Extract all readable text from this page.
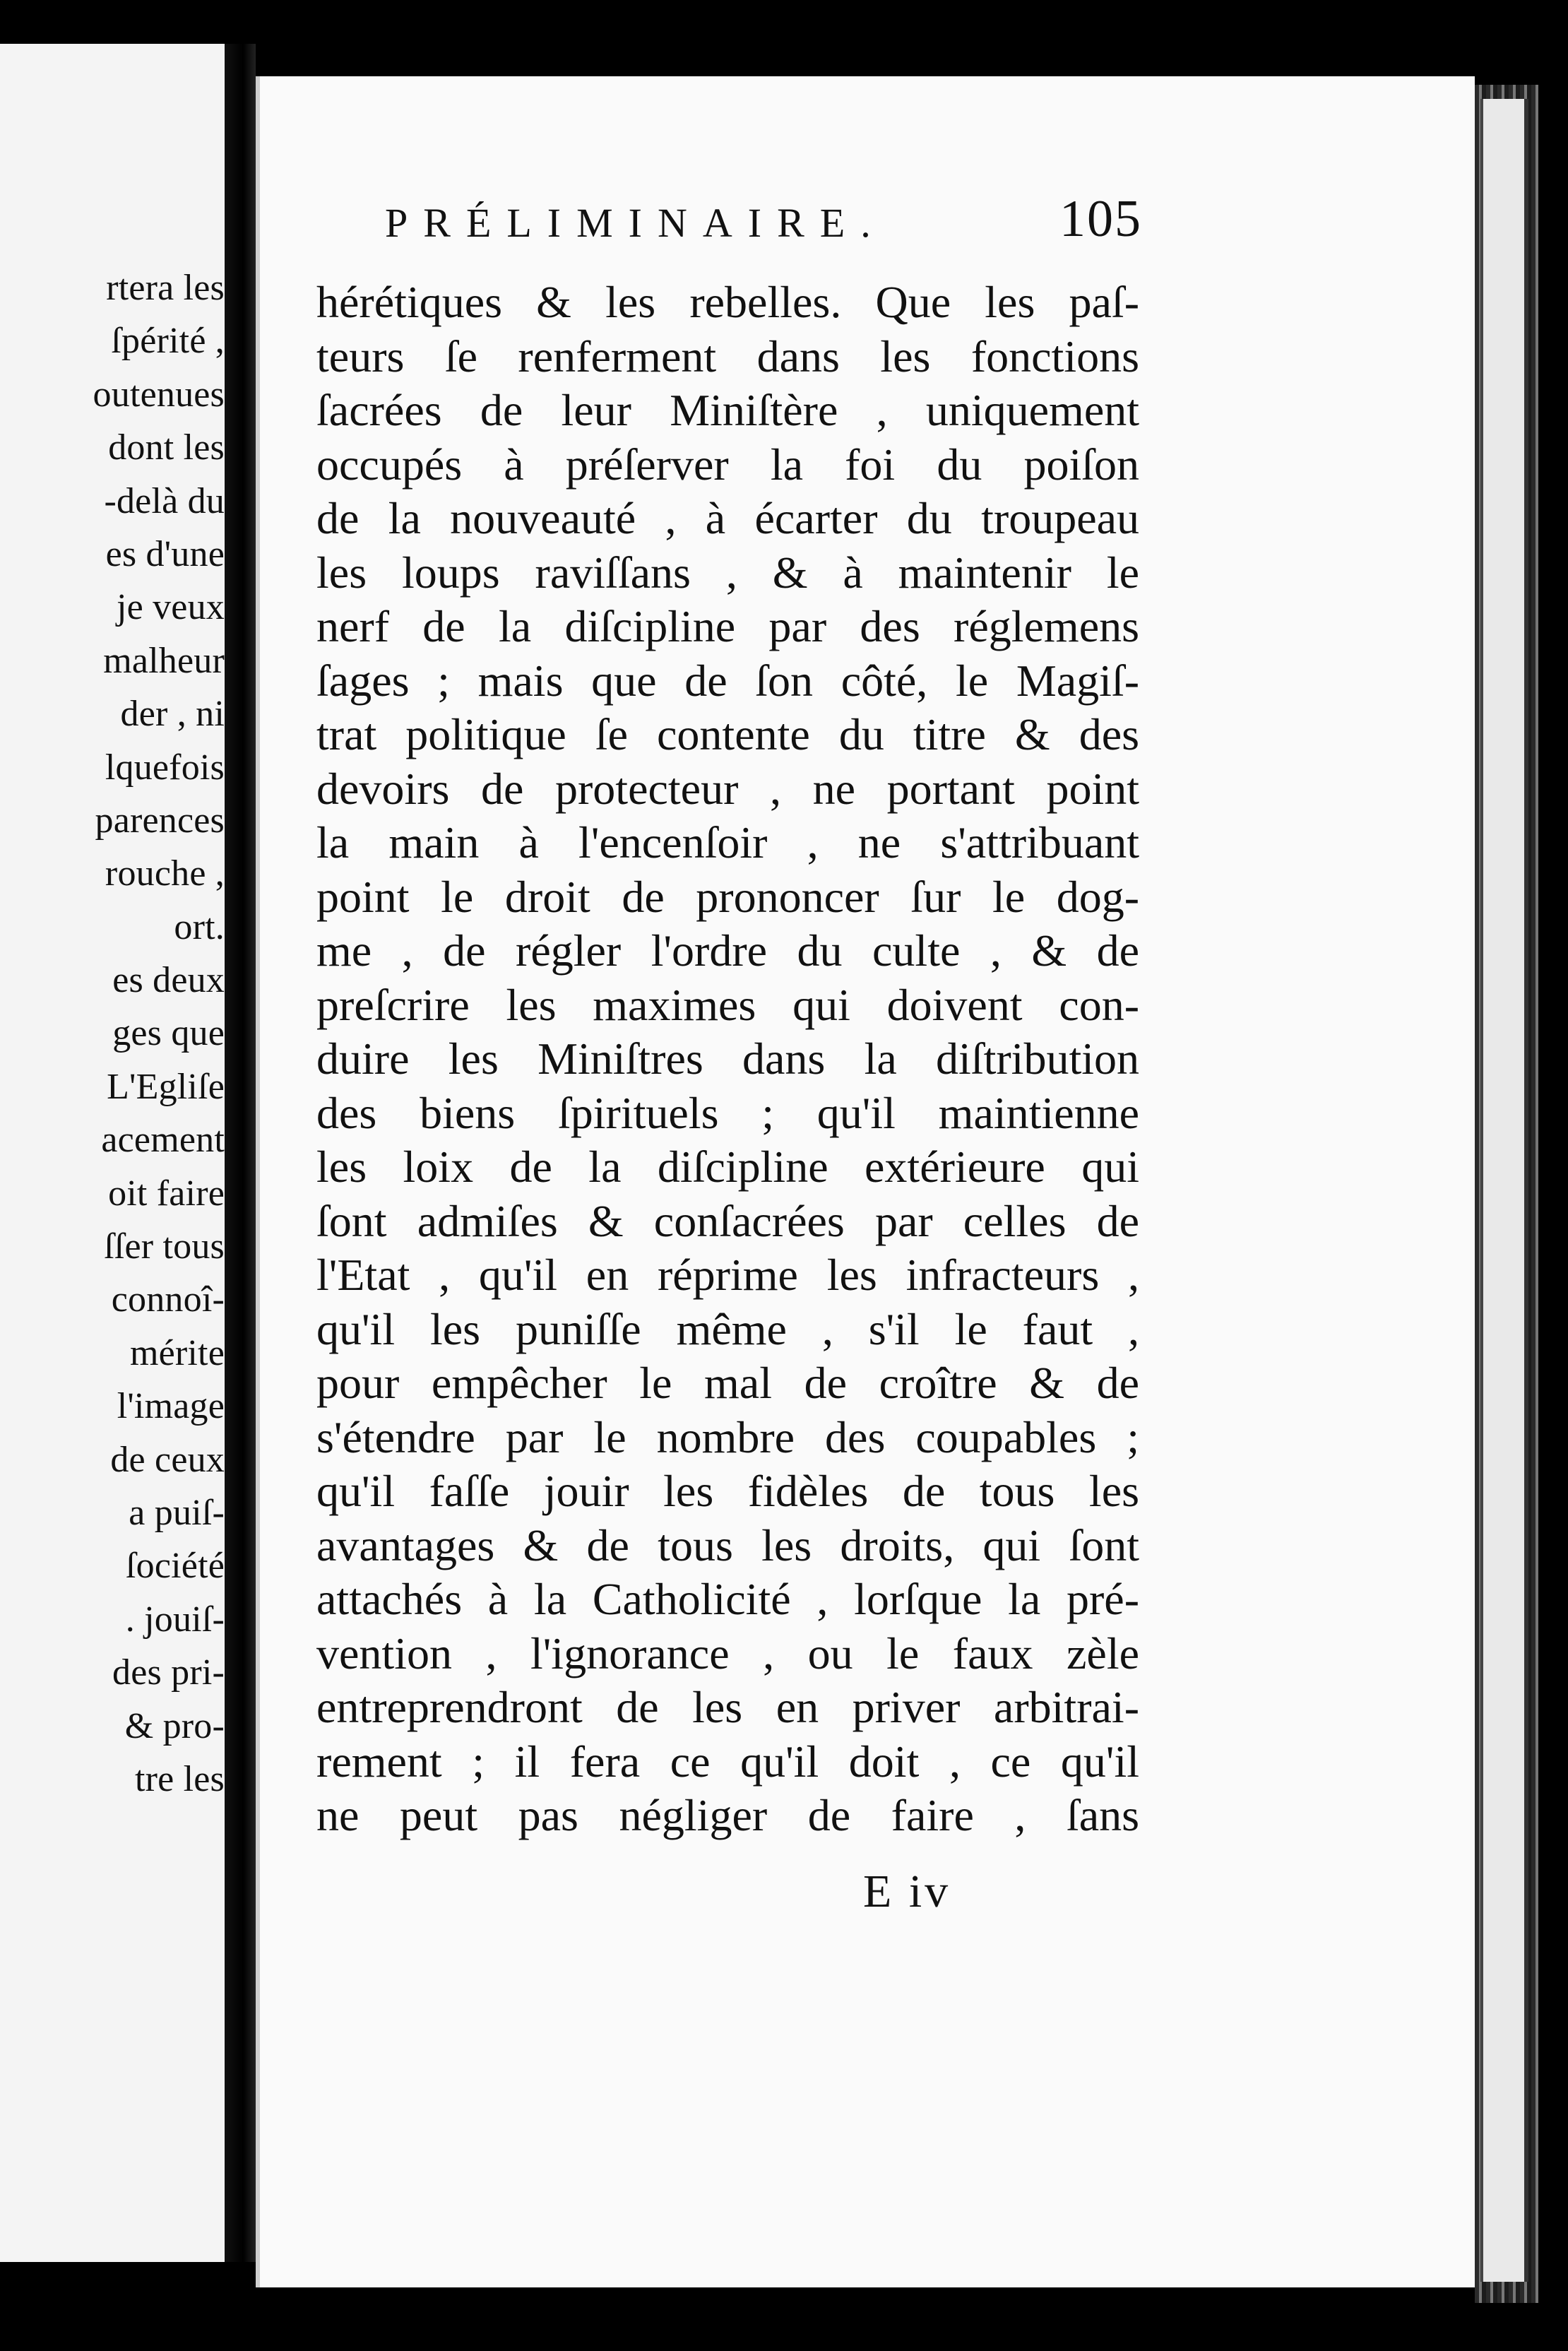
rtera les
ſpérité ,
outenues
dont les
-delà du
es d'une
je veux
malheur
der , ni
lquefois
parences
rouche ,
ort.
es deux
ges que
L'Egliſe
acement
oit faire
ſſer tous
connoî-
mérite
l'image
de ceux
a puiſ-
ſociété
. jouiſ-
des pri-
& pro-
tre les
PRÉLIMINAIRE.	105
hérétiques & les rebelles. Que les paſ-
teurs ſe renferment dans les fonctions
ſacrées de leur Miniſtère , uniquement
occupés à préſerver la foi du poiſon
de la nouveauté , à écarter du troupeau
les loups raviſſans , & à maintenir le
nerf de la diſcipline par des réglemens
ſages ; mais que de ſon côté, le Magiſ-
trat politique ſe contente du titre & des
devoirs de protecteur , ne portant point
la main à l'encenſoir , ne s'attribuant
point le droit de prononcer ſur le dog-
me , de régler l'ordre du culte , & de
preſcrire les maximes qui doivent con-
duire les Miniſtres dans la diſtribution
des biens ſpirituels ; qu'il maintienne
les loix de la diſcipline extérieure qui
ſont admiſes & conſacrées par celles de
l'Etat , qu'il en réprime les infracteurs ,
qu'il les puniſſe même , s'il le faut ,
pour empêcher le mal de croître & de
s'étendre par le nombre des coupables ;
qu'il faſſe jouir les fidèles de tous les
avantages & de tous les droits, qui ſont
attachés à la Catholicité , lorſque la pré-
vention , l'ignorance , ou le faux zèle
entreprendront de les en priver arbitrai-
rement ; il fera ce qu'il doit , ce qu'il
ne peut pas négliger de faire , ſans
E iv
